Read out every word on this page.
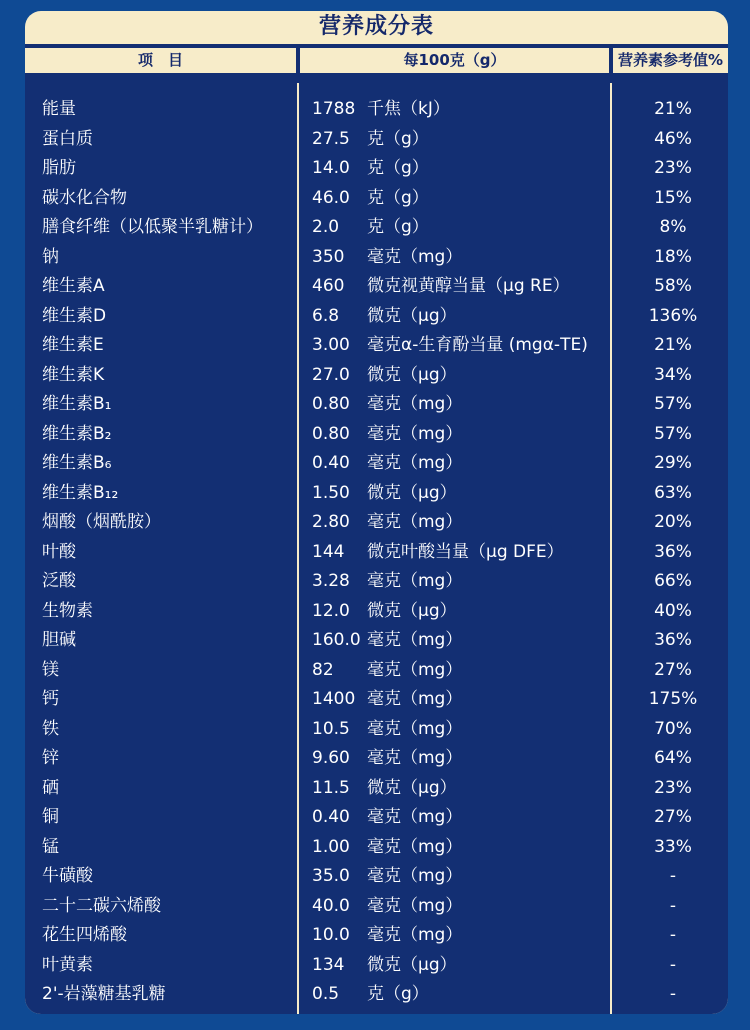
营养成分表
项　目	每100克（g）	营养素参考值%
能量	1788 千焦（kJ）	21%
蛋白质	27.5 克（g）	46%
脂肪	14.0 克（g）	23%
碳水化合物	46.0 克（g）	15%
膳食纤维（以低聚半乳糖计）	2.0 克（g）	8%
钠	350 毫克（mg）	18%
维生素A	460 微克视黄醇当量（μg RE）	58%
维生素D	6.8 微克（μg）	136%
维生素E	3.00 毫克α-生育酚当量 (mgα-TE)	21%
维生素K	27.0 微克（μg）	34%
维生素B₁	0.80 毫克（mg）	57%
维生素B₂	0.80 毫克（mg）	57%
维生素B₆	0.40 毫克（mg）	29%
维生素B₁₂	1.50 微克（μg）	63%
烟酸（烟酰胺）	2.80 毫克（mg）	20%
叶酸	144 微克叶酸当量（μg DFE）	36%
泛酸	3.28 毫克（mg）	66%
生物素	12.0 微克（μg）	40%
胆碱	160.0 毫克（mg）	36%
镁	82 毫克（mg）	27%
钙	1400 毫克（mg）	175%
铁	10.5 毫克（mg）	70%
锌	9.60 毫克（mg）	64%
硒	11.5 微克（μg）	23%
铜	0.40 毫克（mg）	27%
锰	1.00 毫克（mg）	33%
牛磺酸	35.0 毫克（mg）	-
二十二碳六烯酸	40.0 毫克（mg）	-
花生四烯酸	10.0 毫克（mg）	-
叶黄素	134 微克（μg）	-
2'-岩藻糖基乳糖	0.5 克（g）	-
